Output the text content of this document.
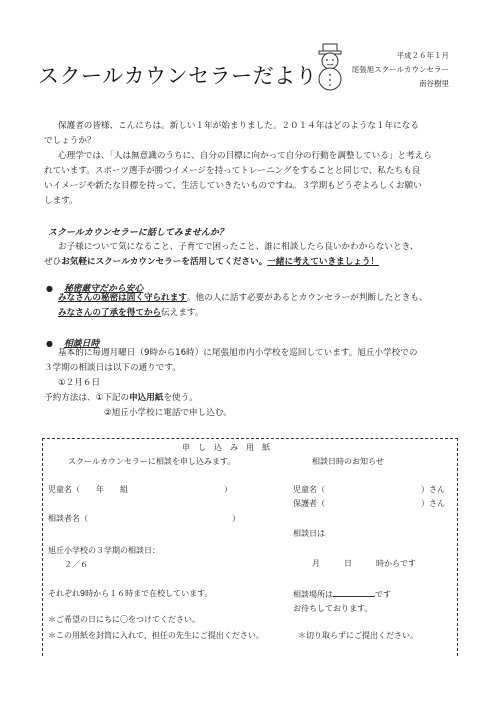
スクールカウンセラーだより
平成２６年１月
尾張旭スクールカウンセラー
南谷樹里
保護者の皆様、こんにちは。新しい１年が始まりました。２０１４年はどのような１年になる
でしょうか？
心理学では、「人は無意識のうちに、自分の目標に向かって自分の行動を調整している」と考えら
れています。スポーツ選手が勝つイメージを持ってトレーニングをすることと同じで、私たちも良
いイメージや新たな目標を持って、生活していきたいものですね。３学期もどうぞよろしくお願い
します。
スクールカウンセラーに話してみませんか？
お子様について気になること、子育てで困ったこと、誰に相談したら良いかわからないとき、
ぜひお気軽にスクールカウンセラーを活用してください。一緒に考えていきましょう！
● 秘密厳守だから安心
みなさんの秘密は固く守られます。他の人に話す必要があるとカウンセラーが判断したときも、
みなさんの了承を得てから伝えます。
● 相談日時
基本的に毎週月曜日（9時から16時）に尾張旭市内小学校を巡回しています。旭丘小学校での
３学期の相談日は以下の通りです。
①２月６日
予約方法は、①下記の申込用紙を使う。
②旭丘小学校に電話で申し込む。
申　し　込　み　用　紙
スクールカウンセラーに相談を申し込みます。	相談日時のお知らせ
児童名（　　年　　組　　　　　　　　　　　　）
相談者名（　　　　　　　　　　　　　　　　　　）
旭丘小学校の３学期の相談日：
２／６
それぞれ9時から１６時まで在校しています。
＊ご希望の日にちに〇をつけてください。
＊この用紙を封筒に入れて、担任の先生にご提出ください。
児童名（　　　　　　　　　　　　）さん
保護者（　　　　　　　　　　　　）さん
相談日は
月　　　日　　　時からです
相談場所は	です
お待ちしております。
＊切り取らずにご提出ください。
